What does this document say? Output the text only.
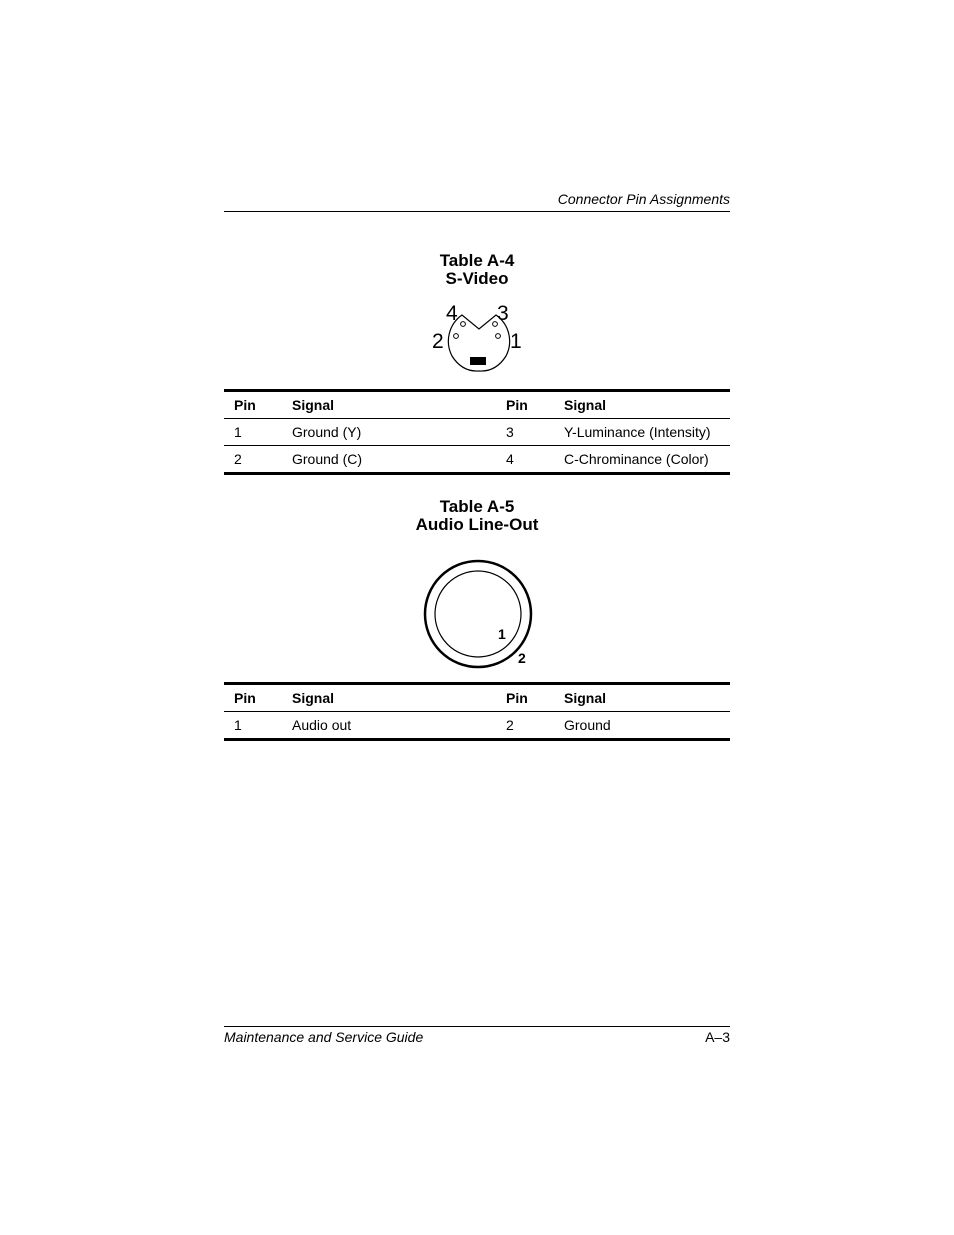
Connector Pin Assignments
Table A-4
S-Video
4 3
2	1
Pin	Signal	Pin	Signal
1	Ground (Y)	3	Y-Luminance (Intensity)
2	Ground (C)	4	C-Chrominance (Color)
Table A-5
Audio Line-Out
1
2
Pin	Signal	Pin	Signal
1	Audio out	2	Ground
Maintenance and Service Guide	A–3
